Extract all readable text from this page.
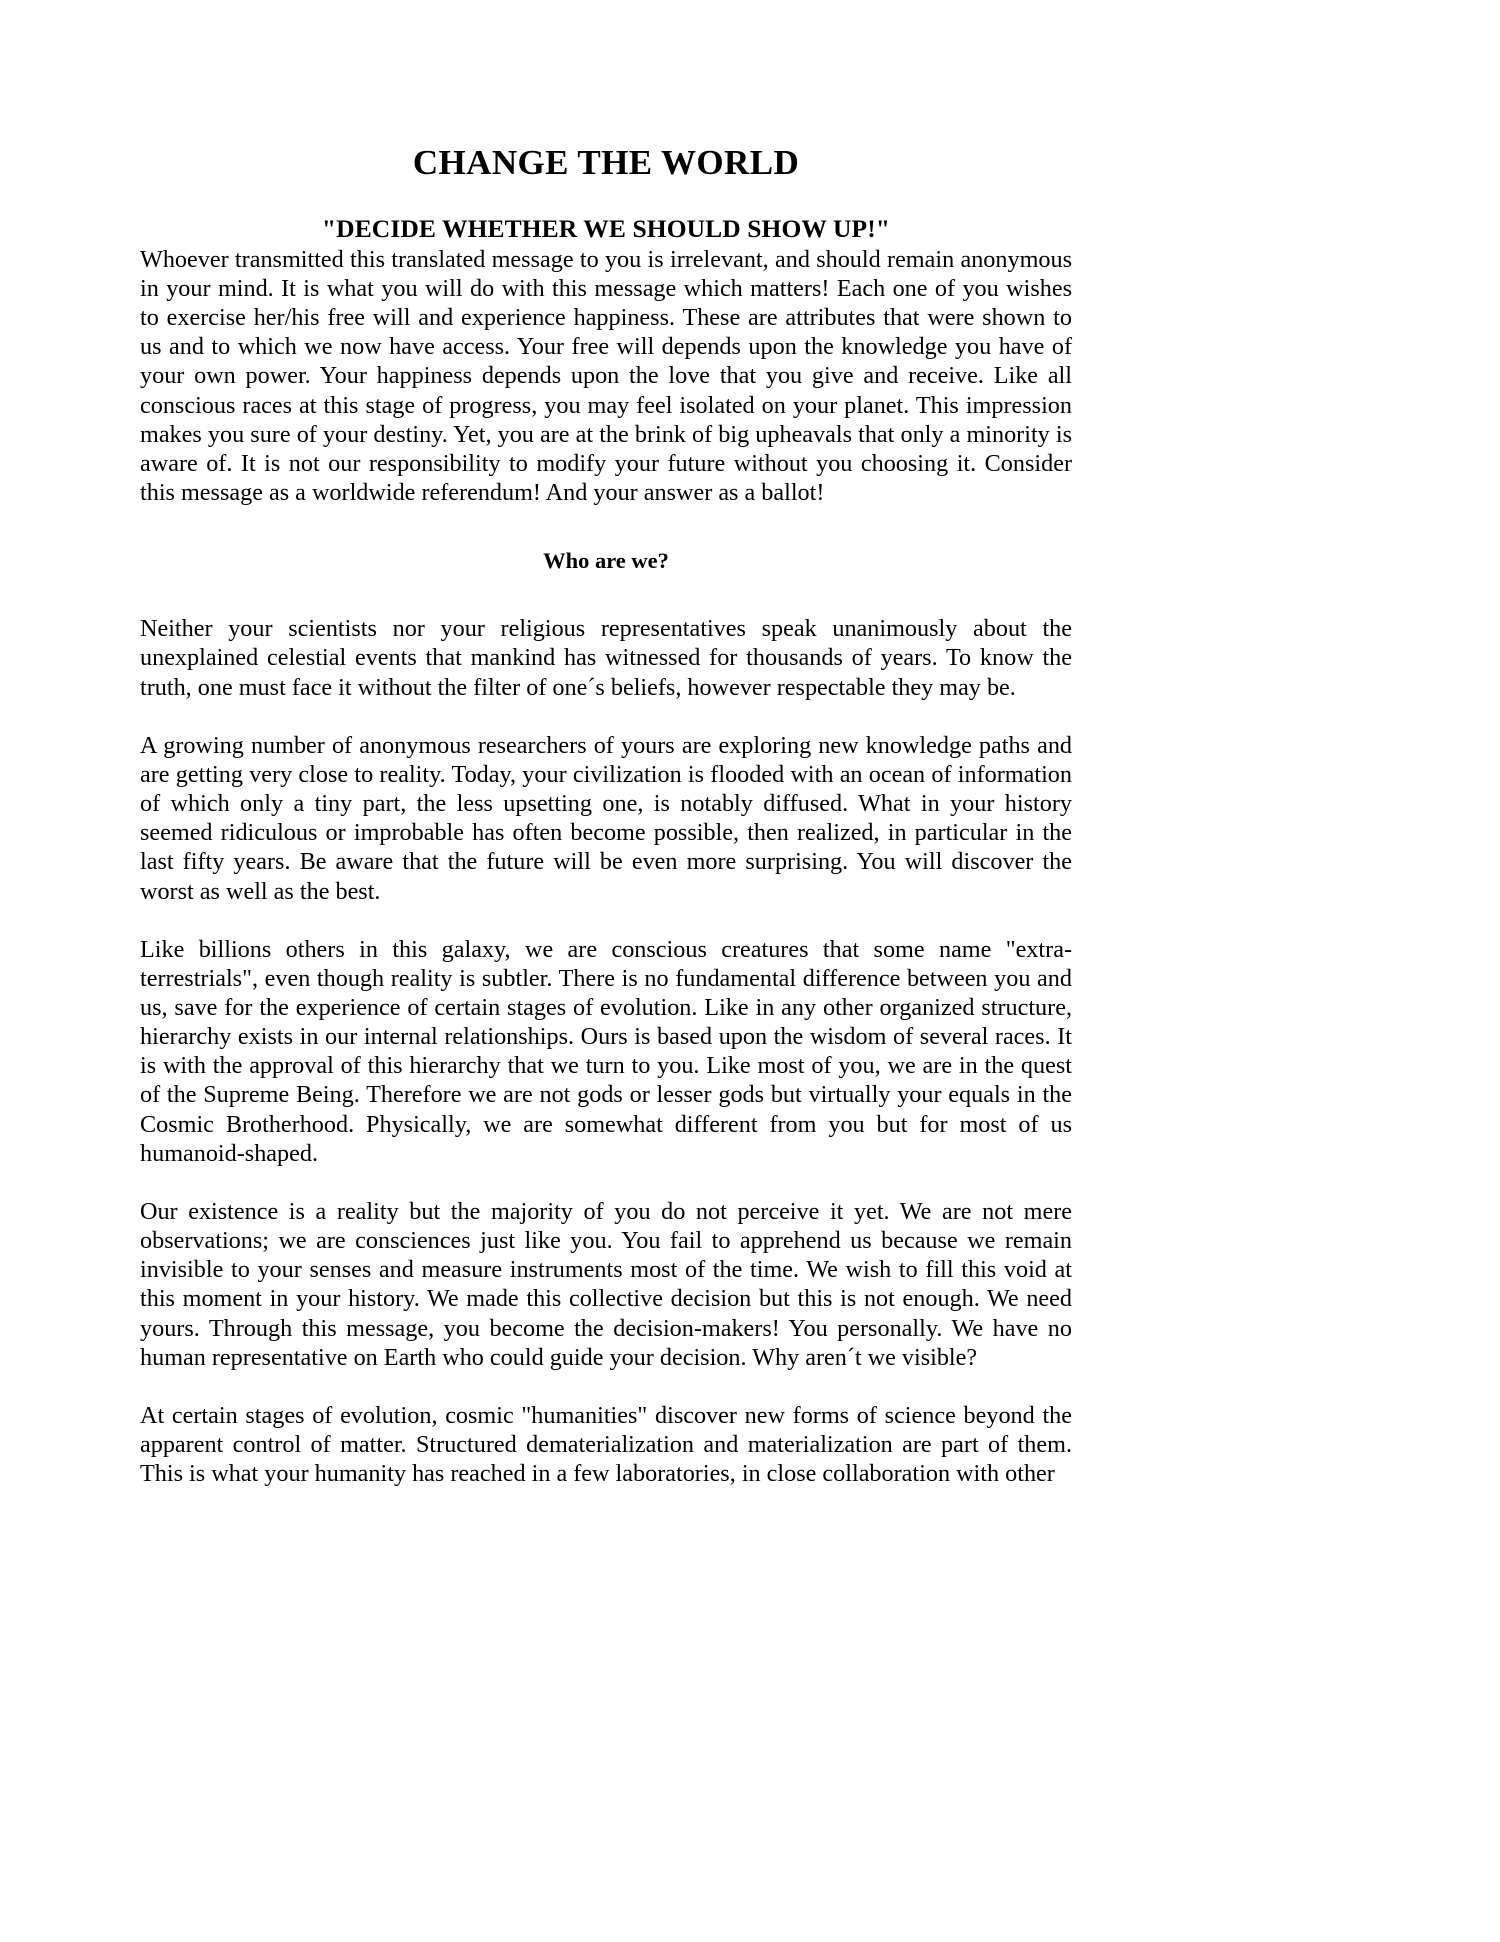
CHANGE THE WORLD
"DECIDE WHETHER WE SHOULD SHOW UP!"

Whoever transmitted this translated message to you is irrelevant, and should remain anonymous in your mind. It is what you will do with this message which matters! Each one of you wishes to exercise her/his free will and experience happiness. These are attributes that were shown to us and to which we now have access. Your free will depends upon the knowledge you have of your own power. Your happiness depends upon the love that you give and receive. Like all conscious races at this stage of progress, you may feel isolated on your planet. This impression makes you sure of your destiny. Yet, you are at the brink of big upheavals that only a minority is aware of. It is not our responsibility to modify your future without you choosing it. Consider this message as a worldwide referendum! And your answer as a ballot!

Who are we?

Neither your scientists nor your religious representatives speak unanimously about the unexplained celestial events that mankind has witnessed for thousands of years. To know the truth, one must face it without the filter of one´s beliefs, however respectable they may be.

A growing number of anonymous researchers of yours are exploring new knowledge paths and are getting very close to reality. Today, your civilization is flooded with an ocean of information of which only a tiny part, the less upsetting one, is notably diffused. What in your history seemed ridiculous or improbable has often become possible, then realized, in particular in the last fifty years. Be aware that the future will be even more surprising. You will discover the worst as well as the best.

Like billions others in this galaxy, we are conscious creatures that some name "extra-terrestrials", even though reality is subtler. There is no fundamental difference between you and us, save for the experience of certain stages of evolution. Like in any other organized structure, hierarchy exists in our internal relationships. Ours is based upon the wisdom of several races. It is with the approval of this hierarchy that we turn to you. Like most of you, we are in the quest of the Supreme Being. Therefore we are not gods or lesser gods but virtually your equals in the Cosmic Brotherhood. Physically, we are somewhat different from you but for most of us humanoid-shaped.

Our existence is a reality but the majority of you do not perceive it yet. We are not mere observations; we are consciences just like you. You fail to apprehend us because we remain invisible to your senses and measure instruments most of the time. We wish to fill this void at this moment in your history. We made this collective decision but this is not enough. We need yours. Through this message, you become the decision-makers! You personally. We have no human representative on Earth who could guide your decision. Why aren´t we visible?

At certain stages of evolution, cosmic "humanities" discover new forms of science beyond the apparent control of matter. Structured dematerialization and materialization are part of them. This is what your humanity has reached in a few laboratories, in close collaboration with other
